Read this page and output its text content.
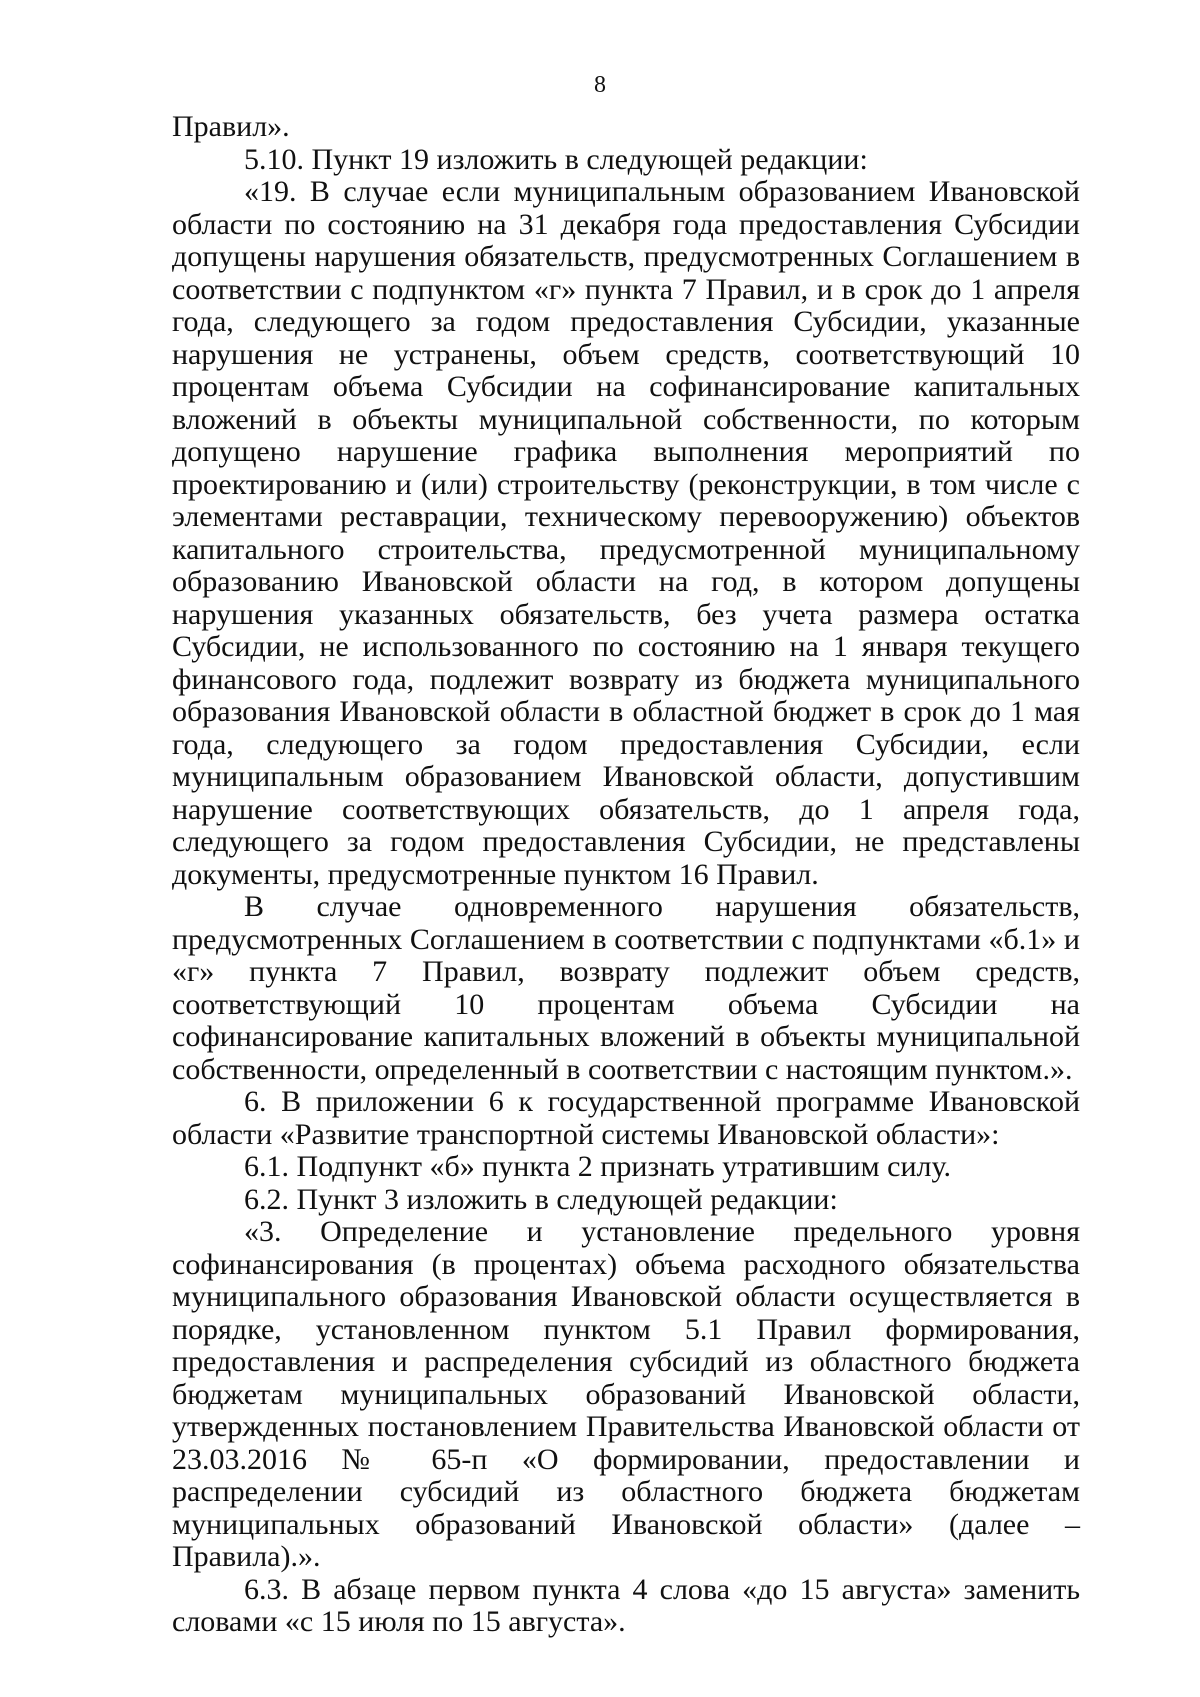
8

Правил».

5.10. Пункт 19 изложить в следующей редакции:

«19. В случае если муниципальным образованием Ивановской области по состоянию на 31 декабря года предоставления Субсидии допущены нарушения обязательств, предусмотренных Соглашением в соответствии с подпунктом «г» пункта 7 Правил, и в срок до 1 апреля года, следующего за годом предоставления Субсидии, указанные нарушения не устранены, объем средств, соответствующий 10 процентам объема Субсидии на софинансирование капитальных вложений в объекты муниципальной собственности, по которым допущено нарушение графика выполнения мероприятий по проектированию и (или) строительству (реконструкции, в том числе с элементами реставрации, техническому перевооружению) объектов капитального строительства, предусмотренной муниципальному образованию Ивановской области на год, в котором допущены нарушения указанных обязательств, без учета размера остатка Субсидии, не использованного по состоянию на 1 января текущего финансового года, подлежит возврату из бюджета муниципального образования Ивановской области в областной бюджет в срок до 1 мая года, следующего за годом предоставления Субсидии, если муниципальным образованием Ивановской области, допустившим нарушение соответствующих обязательств, до 1 апреля года, следующего за годом предоставления Субсидии, не представлены документы, предусмотренные пунктом 16 Правил.

В случае одновременного нарушения обязательств, предусмотренных Соглашением в соответствии с подпунктами «б.1» и «г» пункта 7 Правил, возврату подлежит объем средств, соответствующий 10 процентам объема Субсидии на софинансирование капитальных вложений в объекты муниципальной собственности, определенный в соответствии с настоящим пунктом.».

6. В приложении 6 к государственной программе Ивановской области «Развитие транспортной системы Ивановской области»:

6.1. Подпункт «б» пункта 2 признать утратившим силу.

6.2. Пункт 3 изложить в следующей редакции:

«3. Определение и установление предельного уровня софинансирования (в процентах) объема расходного обязательства муниципального образования Ивановской области осуществляется в порядке, установленном пунктом 5.1 Правил формирования, предоставления и распределения субсидий из областного бюджета бюджетам муниципальных образований Ивановской области, утвержденных постановлением Правительства Ивановской области от 23.03.2016 № 65-п «О формировании, предоставлении и распределении субсидий из областного бюджета бюджетам муниципальных образований Ивановской области» (далее – Правила).».

6.3. В абзаце первом пункта 4 слова «до 15 августа» заменить словами «с 15 июля по 15 августа».
